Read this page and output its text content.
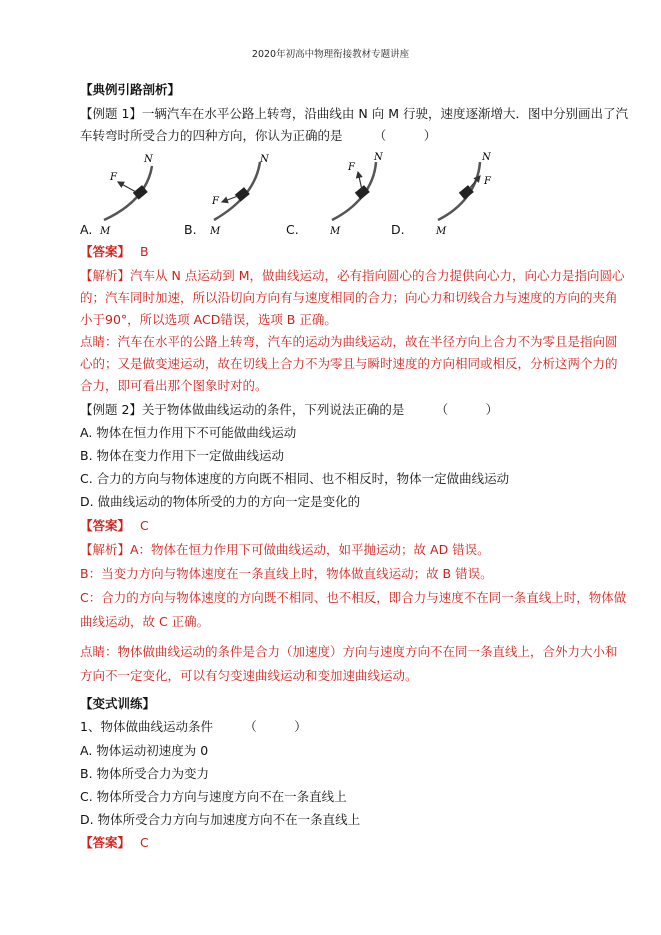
2020年初高中物理衔接教材专题讲座
【典例引路剖析】
【例题 1】一辆汽车在水平公路上转弯，沿曲线由 N 向 M 行驶，速度逐渐增大．图中分别画出了汽
车转弯时所受合力的四种方向，你认为正确的是　　　（　　　）
N
F
M
N
F
M
N
F
M
N
F
M
A.	B.	C.	D.
【答案】 B
【解析】汽车从 N 点运动到 M，做曲线运动，必有指向圆心的合力提供向心力，向心力是指向圆心
的；汽车同时加速，所以沿切向方向有与速度相同的合力；向心力和切线合力与速度的方向的夹角
小于90°，所以选项 ACD错误，选项 B 正确。
点睛：汽车在水平的公路上转弯，汽车的运动为曲线运动，故在半径方向上合力不为零且是指向圆
心的；又是做变速运动，故在切线上合力不为零且与瞬时速度的方向相同或相反，分析这两个力的
合力，即可看出那个图象时对的。
【例题 2】关于物体做曲线运动的条件，下列说法正确的是　　　（　　　）
A. 物体在恒力作用下不可能做曲线运动
B. 物体在变力作用下一定做曲线运动
C. 合力的方向与物体速度的方向既不相同、也不相反时，物体一定做曲线运动
D. 做曲线运动的物体所受的力的方向一定是变化的
【答案】 C
【解析】A：物体在恒力作用下可做曲线运动，如平抛运动；故 AD 错误。
B：当变力方向与物体速度在一条直线上时，物体做直线运动；故 B 错误。
C：合力的方向与物体速度的方向既不相同、也不相反，即合力与速度不在同一条直线上时，物体做
曲线运动，故 C 正确。
点睛：物体做曲线运动的条件是合力（加速度）方向与速度方向不在同一条直线上，合外力大小和
方向不一定变化，可以有匀变速曲线运动和变加速曲线运动。
【变式训练】
1、物体做曲线运动条件　　　（　　　）
A. 物体运动初速度为 0
B. 物体所受合力为变力
C. 物体所受合力方向与速度方向不在一条直线上
D. 物体所受合力方向与加速度方向不在一条直线上
【答案】 C
